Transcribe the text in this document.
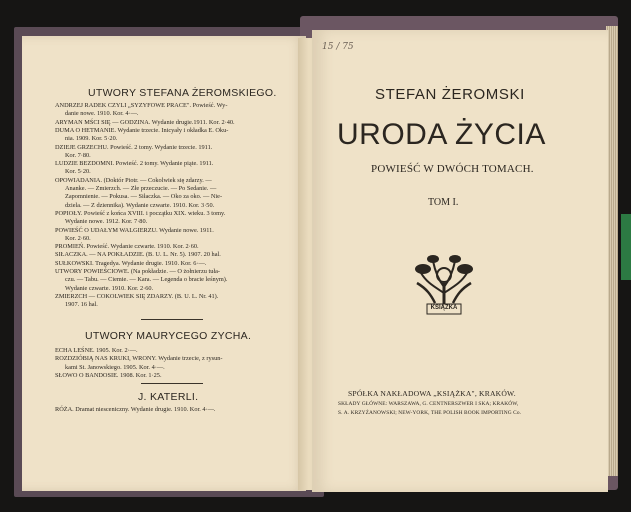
UTWORY STEFANA ŻEROMSKIEGO.
ANDRZEJ RADEK CZYLI „SYZYFOWE PRACE". Powieść. Wy-
danie nowe. 1910. Kor. 4·—.
ARYMAN MŚCI SIĘ — GODZINA. Wydanie drugie.1911. Kor. 2·40.
DUMA O HETMANIE. Wydanie trzecie. Inicyały i okładka E. Oku-
nia. 1909. Kor. 5·20.
DZIEJE GRZECHU. Powieść. 2 tomy. Wydanie trzecie. 1911.
Kor. 7·80.
LUDZIE BEZDOMNI. Powieść. 2 tomy. Wydanie piąte. 1911.
Kor. 5·20.
OPOWIADANIA. (Doktór Piotr. — Cokolwiek się zdarzy. —
Ananke. — Zmierzch. — Złe przeczucie. — Po Sedanie. —
Zapomnienie. — Pokusa. — Siłaczka. — Oko za oko. — Nie-
dziela. — Z dziennika). Wydanie czwarte. 1910. Kor. 3·50.
POPIOŁY. Powieść z końca XVIII. i początku XIX. wieku. 3 tomy.
Wydanie nowe. 1912. Kor. 7·80.
POWIEŚĆ O UDAŁYM WALGIERZU. Wydanie nowe. 1911.
Kor. 2·60.
PROMIEŃ. Powieść. Wydanie czwarte. 1910. Kor. 2·60.
SIŁACZKA. — NA POKŁADZIE. (B. U. L. Nr. 5). 1907. 20 hal.
SUŁKOWSKI. Tragedya. Wydanie drugie. 1910. Kor. 6·—.
UTWORY POWIEŚCIOWE. (Na pokładzie. — O żołnierzu tuła-
czu. — Tabu. — Ciemie. — Kara. — Legenda o bracie leśnym).
Wydanie czwarte. 1910. Kor. 2·60.
ZMIERZCH — COKOLWIEK SIĘ ZDARZY. (B. U. L. Nr. 41).
1907. 16 hal.
UTWORY MAURYCEGO ZYCHA.
ECHA LEŚNE. 1905. Kor. 2·—.
ROZDZIÓBIĄ NAS KRUKI, WRONY. Wydanie trzecie, z rysun-
kami St. Janowskiego. 1905. Kor. 4·—.
SŁOWO O BANDOSIE. 1908. Kor. 1·25.
J. KATERLI.
RÓŻA. Dramat niesceniczny. Wydanie drugie. 1910. Kor. 4·—.
15 / 75
STEFAN ŻEROMSKI
URODA ŻYCIA
POWIEŚĆ W DWÓCH TOMACH.
TOM I.
KSIĄŻKA
SPÓŁKA NAKŁADOWA „KSIĄŻKA", KRAKÓW.
SKŁADY GŁÓWNE: WARSZAWA, G. CENTNERSZWER I SKA; KRAKÓW,
S. A. KRZYŻANOWSKI; NEW-YORK, THE POLISH BOOK IMPORTING Co.
